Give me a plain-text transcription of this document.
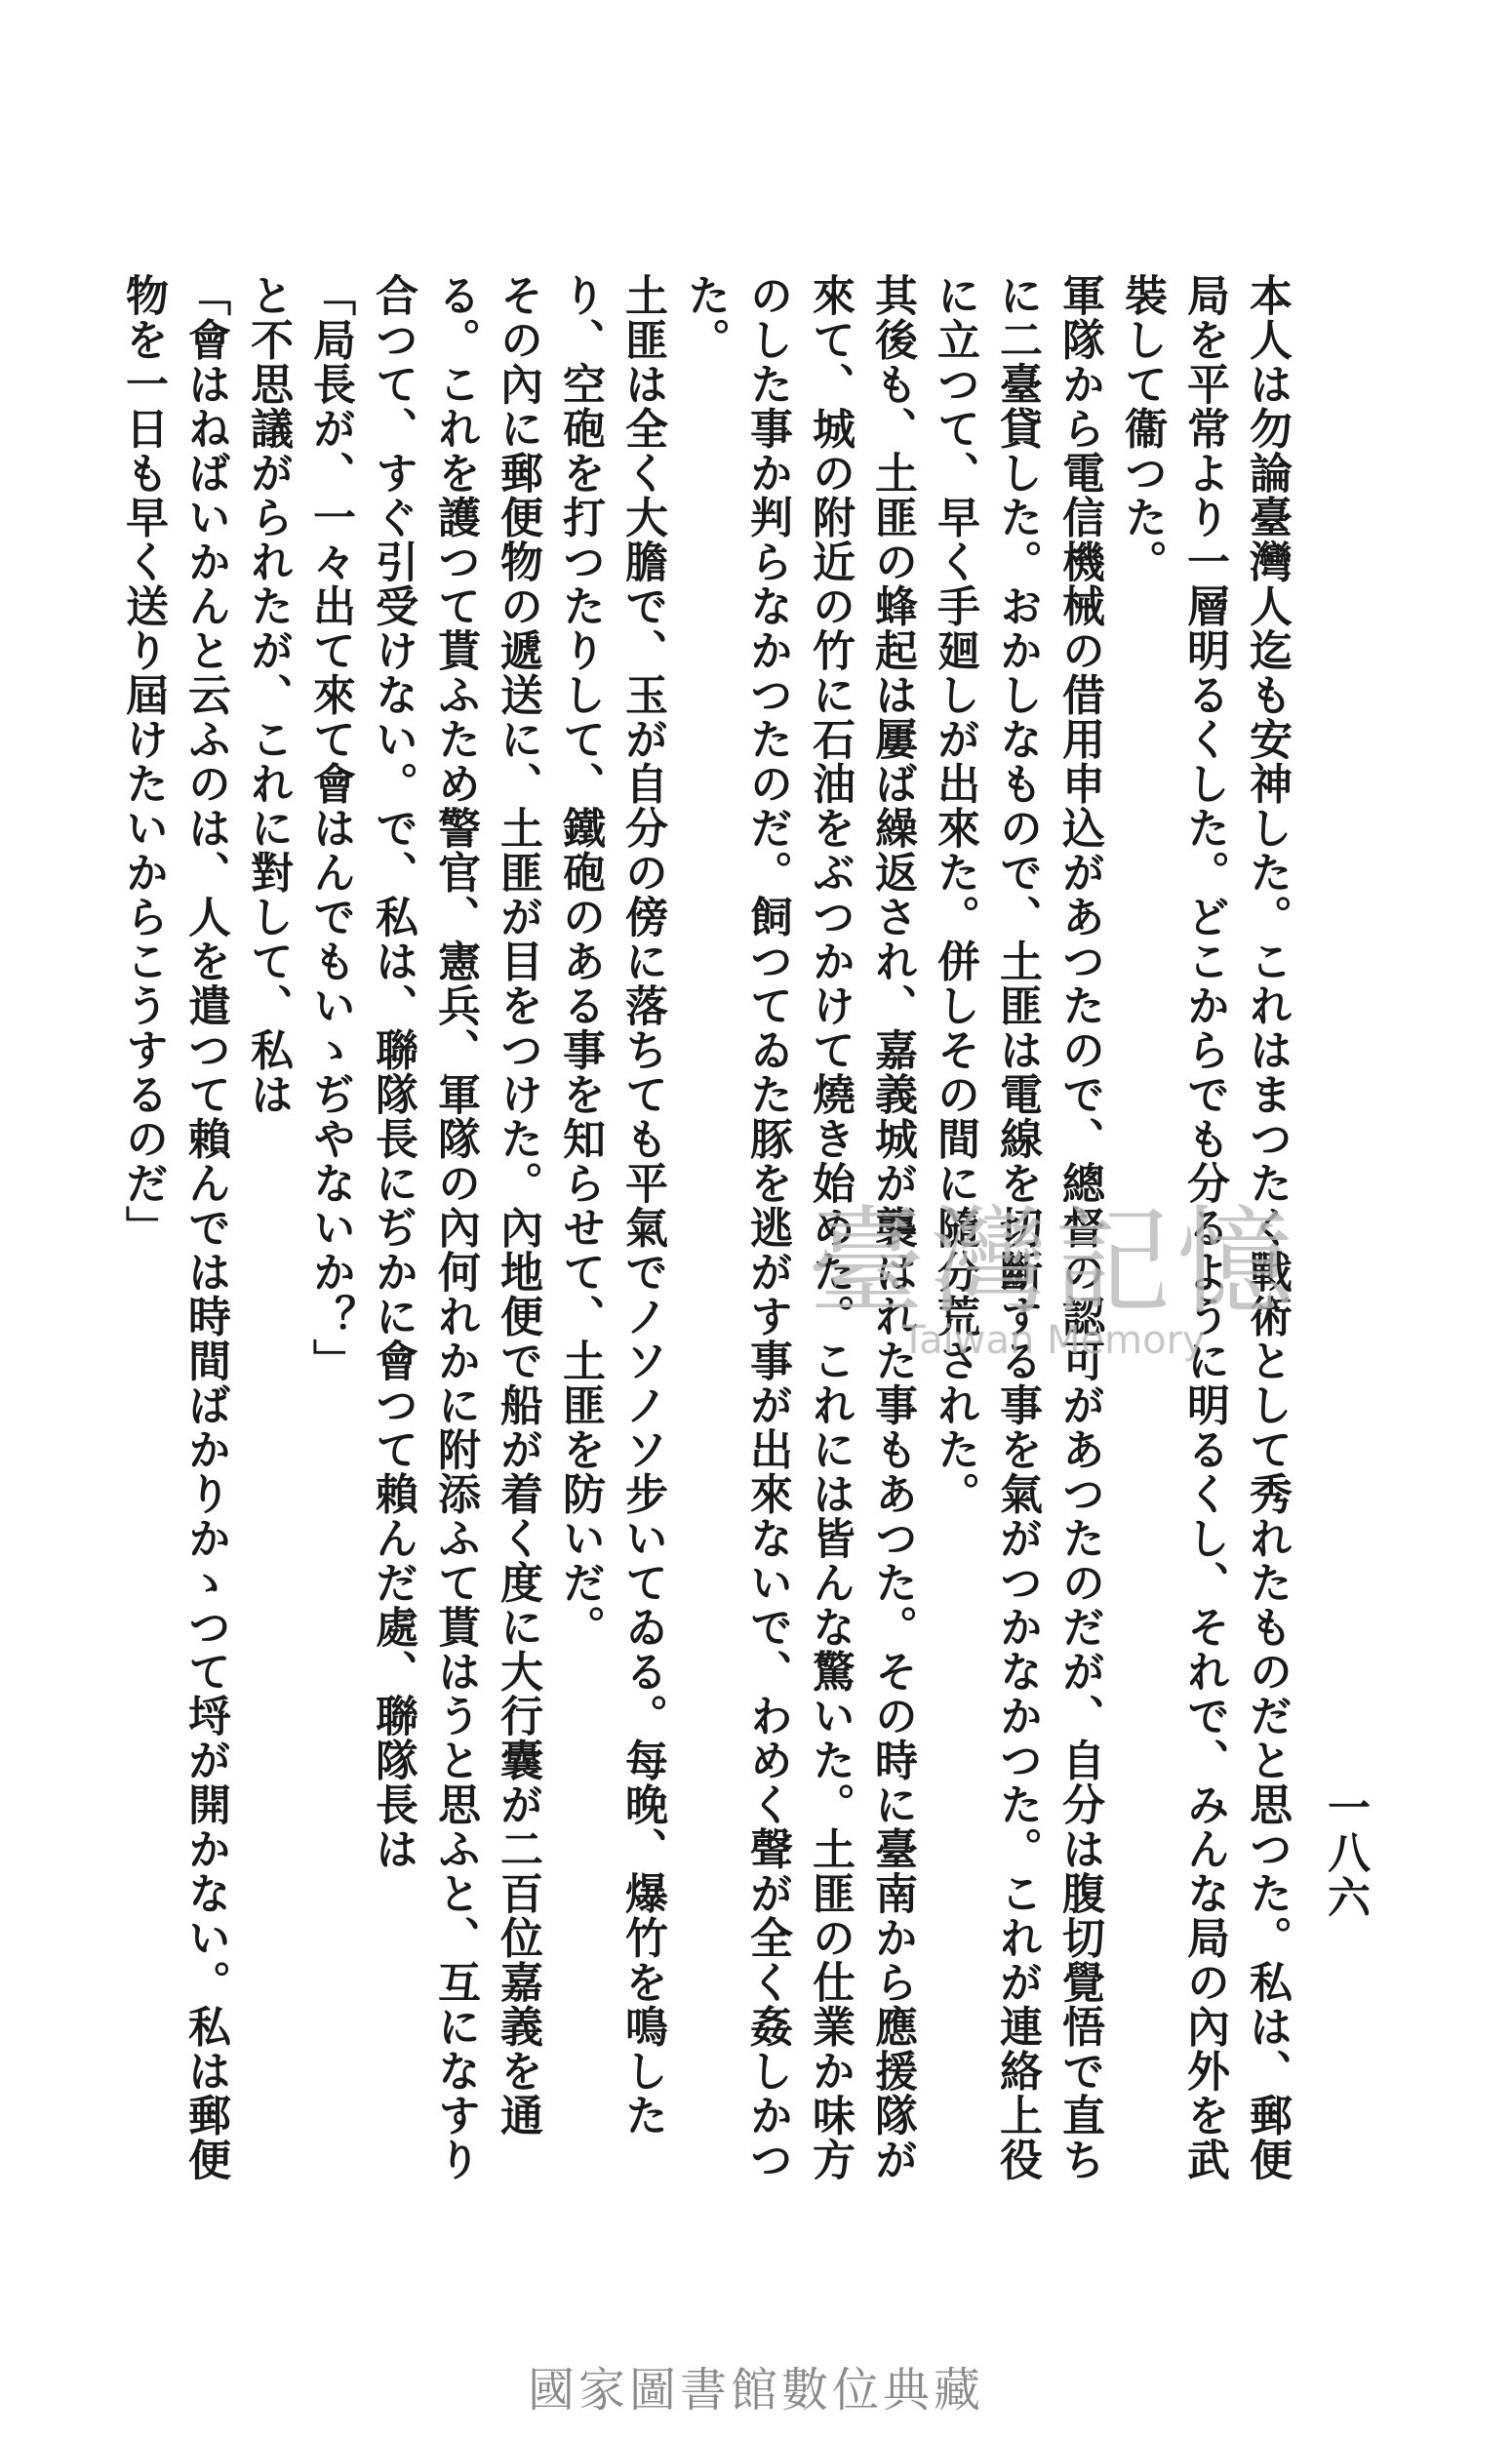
一八六

本人は勿論臺灣人迄も安神した。これはまつたく戰術として秀れたものだと思つた。私は、郵便局を平常より一層明るくした。どこからでも分るように明るくし、それで、みんな局の內外を武裝して衞つた。

軍隊から電信機械の借用申込があつたので、總督の認可があつたのだが、自分は腹切覺悟で直ちに二臺貸した。おかしなもので、土匪は電線を切斷する事を氣がつかなかつた。これが連絡上役に立つて、早く手廻しが出來た。併しその間に隨分荒された。

其後も、土匪の蜂起は屢ば繰返され、嘉義城が襲はれた事もあつた。その時に臺南から應援隊が來て、城の附近の竹に石油をぶつかけて燒き始めた。これには皆んな驚いた。土匪の仕業か味方のした事か判らなかつたのだ。飼つてゐた豚を逃がす事が出來ないで、わめく聲が全く姦しかつた。

土匪は全く大膽で、玉が自分の傍に落ちても平氣でノソノソ步いてゐる。每晚、爆竹を鳴したり、空砲を打つたりして、鐵砲のある事を知らせて、土匪を防いだ。

その內に郵便物の遞送に、土匪が目をつけた。內地便で船が着く度に大行囊が二百位嘉義を通る。これを護つて貰ふため警官、憲兵、軍隊の內何れかに附添ふて貰はうと思ふと、互になすり合つて、すぐ引受けない。で、私は、聯隊長にぢかに會つて賴んだ處、聯隊長は

「局長が、一々出て來て會はんでもいゝぢやないか？」

と不思議がられたが、これに對して、私は

「會はねばいかんと云ふのは、人を遣つて賴んでは時間ばかりかゝつて埒が開かない。私は郵便物を一日も早く送り屆けたいからこうするのだ」

臺灣記憶
Taiwan Memory
國家圖書館數位典藏
